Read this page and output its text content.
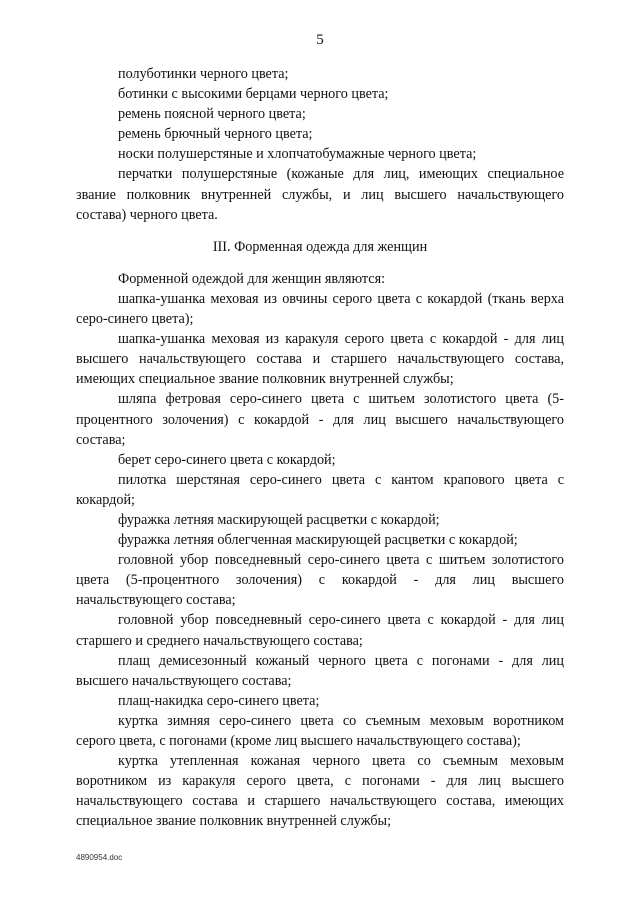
5

полуботинки черного цвета;

ботинки с высокими берцами черного цвета;

ремень поясной черного цвета;

ремень брючный черного цвета;

носки полушерстяные и хлопчатобумажные черного цвета;

перчатки полушерстяные (кожаные для лиц, имеющих специальное звание полковник внутренней службы, и лиц высшего начальствующего состава) черного цвета.

III. Форменная одежда для женщин

Форменной одеждой для женщин являются:

шапка-ушанка меховая из овчины серого цвета с кокардой (ткань верха серо-синего цвета);

шапка-ушанка меховая из каракуля серого цвета с кокардой - для лиц высшего начальствующего состава и старшего начальствующего состава, имеющих специальное звание полковник внутренней службы;

шляпа фетровая серо-синего цвета с шитьем золотистого цвета (5-процентного золочения) с кокардой - для лиц высшего начальствующего состава;

берет серо-синего цвета с кокардой;

пилотка шерстяная серо-синего цвета с кантом крапового цвета с кокардой;

фуражка летняя маскирующей расцветки с кокардой;

фуражка летняя облегченная маскирующей расцветки с кокардой;

головной убор повседневный серо-синего цвета с шитьем золотистого цвета (5-процентного золочения) с кокардой - для лиц высшего начальствующего состава;

головной убор повседневный серо-синего цвета с кокардой - для лиц старшего и среднего начальствующего состава;

плащ демисезонный кожаный черного цвета с погонами - для лиц высшего начальствующего состава;

плащ-накидка серо-синего цвета;

куртка зимняя серо-синего цвета со съемным меховым воротником серого цвета, с погонами (кроме лиц высшего начальствующего состава);

куртка утепленная кожаная черного цвета со съемным меховым воротником из каракуля серого цвета, с погонами - для лиц высшего начальствующего состава и старшего начальствующего состава, имеющих специальное звание полковник внутренней службы;

4890954.doc
